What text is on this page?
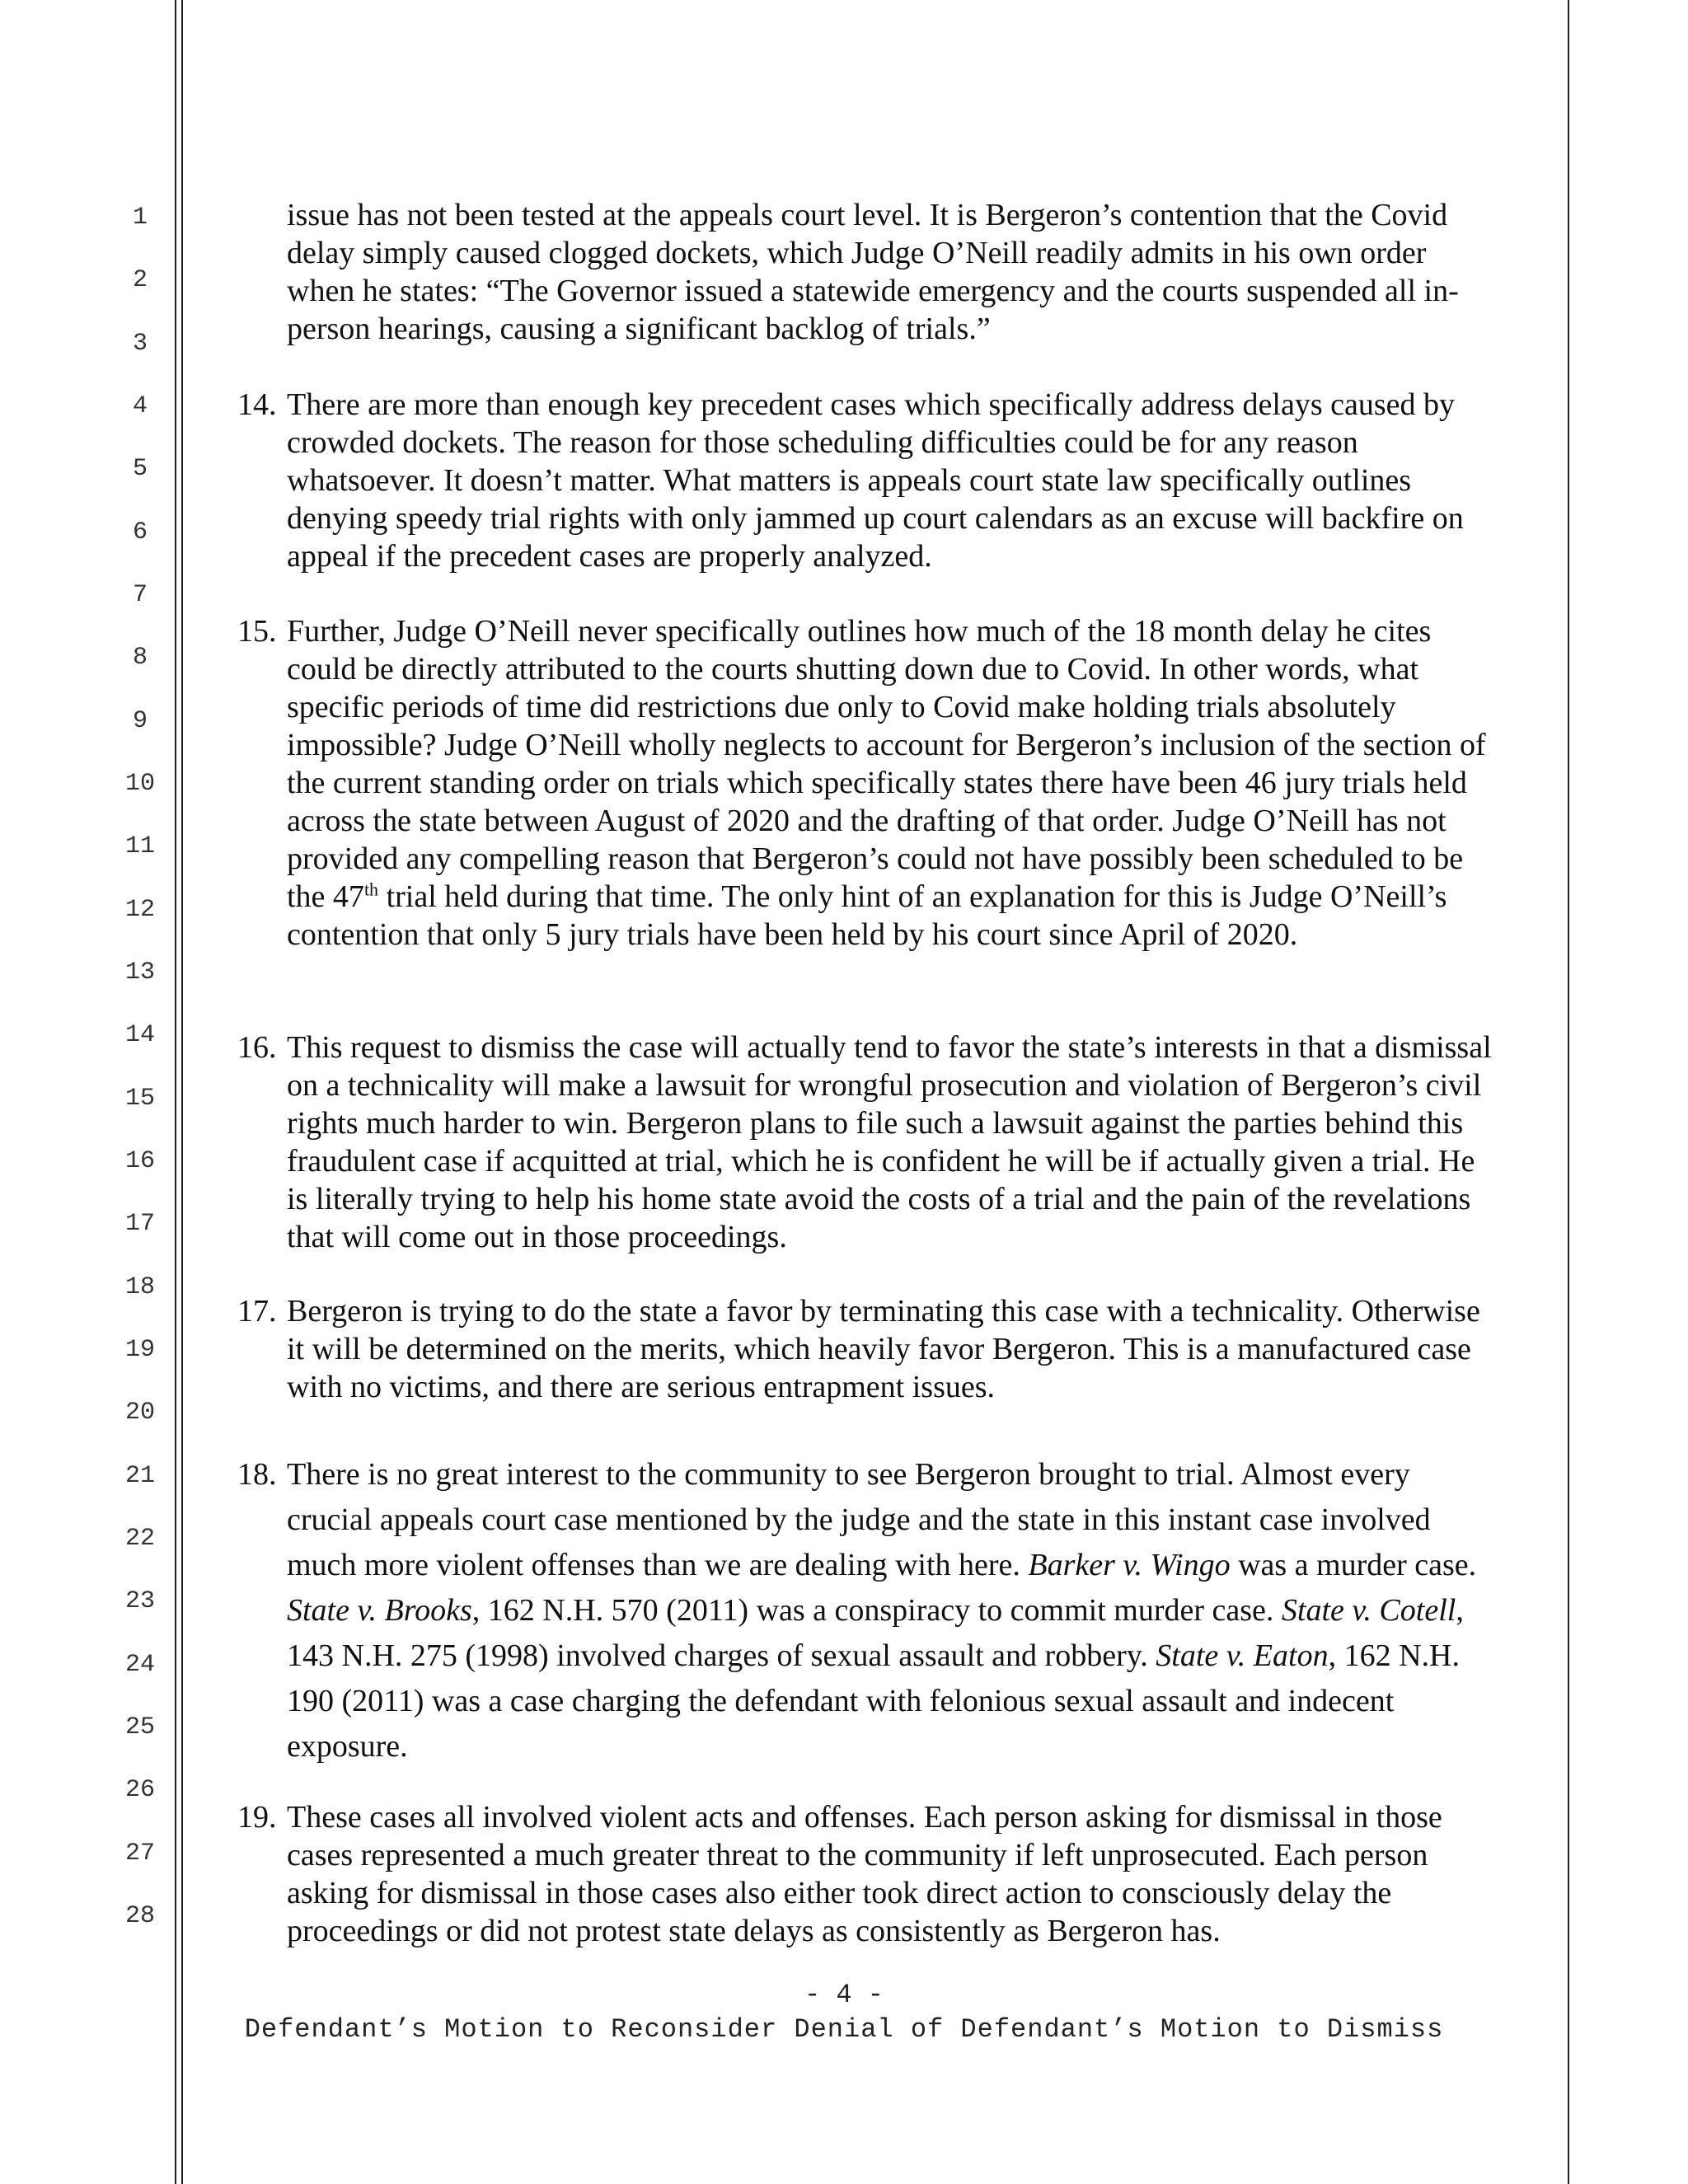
1
2
3
4
5
6
7
8
9
10
11
12
13
14
15
16
17
18
19
20
21
22
23
24
25
26
27
28
issue has not been tested at the appeals court level. It is Bergeron’s contention that the Covid delay simply caused clogged dockets, which Judge O’Neill readily admits in his own order when he states: “The Governor issued a statewide emergency and the courts suspended all in-person hearings, causing a significant backlog of trials.”
14. There are more than enough key precedent cases which specifically address delays caused by crowded dockets. The reason for those scheduling difficulties could be for any reason whatsoever. It doesn’t matter. What matters is appeals court state law specifically outlines denying speedy trial rights with only jammed up court calendars as an excuse will backfire on appeal if the precedent cases are properly analyzed.
15. Further, Judge O’Neill never specifically outlines how much of the 18 month delay he cites could be directly attributed to the courts shutting down due to Covid. In other words, what specific periods of time did restrictions due only to Covid make holding trials absolutely impossible? Judge O’Neill wholly neglects to account for Bergeron’s inclusion of the section of the current standing order on trials which specifically states there have been 46 jury trials held across the state between August of 2020 and the drafting of that order. Judge O’Neill has not provided any compelling reason that Bergeron’s could not have possibly been scheduled to be the 47th trial held during that time. The only hint of an explanation for this is Judge O’Neill’s contention that only 5 jury trials have been held by his court since April of 2020.
16. This request to dismiss the case will actually tend to favor the state’s interests in that a dismissal on a technicality will make a lawsuit for wrongful prosecution and violation of Bergeron’s civil rights much harder to win. Bergeron plans to file such a lawsuit against the parties behind this fraudulent case if acquitted at trial, which he is confident he will be if actually given a trial. He is literally trying to help his home state avoid the costs of a trial and the pain of the revelations that will come out in those proceedings.
17. Bergeron is trying to do the state a favor by terminating this case with a technicality. Otherwise it will be determined on the merits, which heavily favor Bergeron. This is a manufactured case with no victims, and there are serious entrapment issues.
18. There is no great interest to the community to see Bergeron brought to trial. Almost every crucial appeals court case mentioned by the judge and the state in this instant case involved much more violent offenses than we are dealing with here. Barker v. Wingo was a murder case. State v. Brooks, 162 N.H. 570 (2011) was a conspiracy to commit murder case. State v. Cotell, 143 N.H. 275 (1998) involved charges of sexual assault and robbery. State v. Eaton, 162 N.H. 190 (2011) was a case charging the defendant with felonious sexual assault and indecent exposure.
19. These cases all involved violent acts and offenses. Each person asking for dismissal in those cases represented a much greater threat to the community if left unprosecuted. Each person asking for dismissal in those cases also either took direct action to consciously delay the proceedings or did not protest state delays as consistently as Bergeron has.
- 4 -
Defendant’s Motion to Reconsider Denial of Defendant’s Motion to Dismiss
